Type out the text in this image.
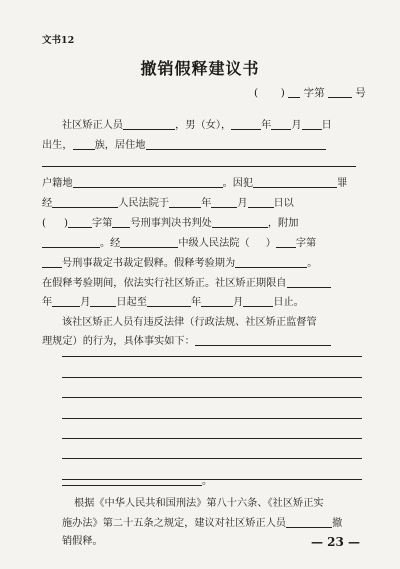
文书12
撤销假释建议书
( ) 字第	号
社区矫正人员	，男（女），	年 月 日
出生， 族，居住地
户籍地	。因犯	罪
经	人民法院于	年	月	日以
( ) 字第 号刑事判决书判处	，附加
。经	中级人民法院（ ） 字第
号刑事裁定书裁定假释。假释考验期为	。
在假释考验期间，依法实行社区矫正。社区矫正期限自
年	月	日起至	年	月	日止。
该社区矫正人员有违反法律（行政法规、社区矫正监督管
理规定）的行为，具体事实如下：
。
根据《中华人民共和国刑法》第八十六条、《社区矫正实
施办法》第二十五条之规定，建议对社区矫正人员	撤
销假释。	— 23 —
